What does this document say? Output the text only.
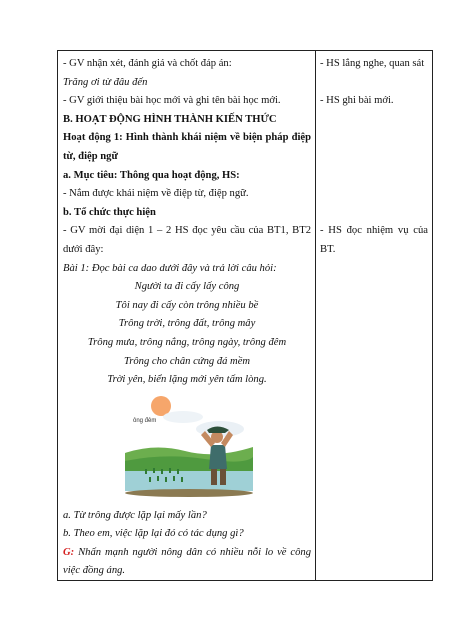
- GV nhận xét, đánh giá và chốt đáp án:
Trăng ơi từ đâu đến
- GV giới thiệu bài học mới và ghi tên bài học mới.
B. HOẠT ĐỘNG HÌNH THÀNH KIẾN THỨC
Hoạt động 1: Hình thành khái niệm về biện pháp điệp từ, điệp ngữ
a. Mục tiêu: Thông qua hoạt động, HS:
- Nắm được khái niệm về điệp từ, điệp ngữ.
b. Tổ chức thực hiện
- GV mời đại diện 1 – 2 HS đọc yêu cầu của BT1, BT2 dưới đây:
Bài 1: Đọc bài ca dao dưới đây và trả lời câu hỏi:
Người ta đi cấy lấy công
Tôi nay đi cấy còn trông nhiều bề
Trông trời, trông đất, trông mây
Trông mưa, trông nắng, trông ngày, trông đêm
Trông cho chân cứng đá mềm
Trời yên, biển lặng mới yên tấm lòng.
ông đêm
a. Từ trông được lặp lại mấy lần?
b. Theo em, việc lặp lại đó có tác dụng gì?
G: Nhấn mạnh người nông dân có nhiều nỗi lo về công việc đồng áng.
- HS lắng nghe, quan sát
- HS ghi bài mới.
- HS đọc nhiệm vụ của BT.
